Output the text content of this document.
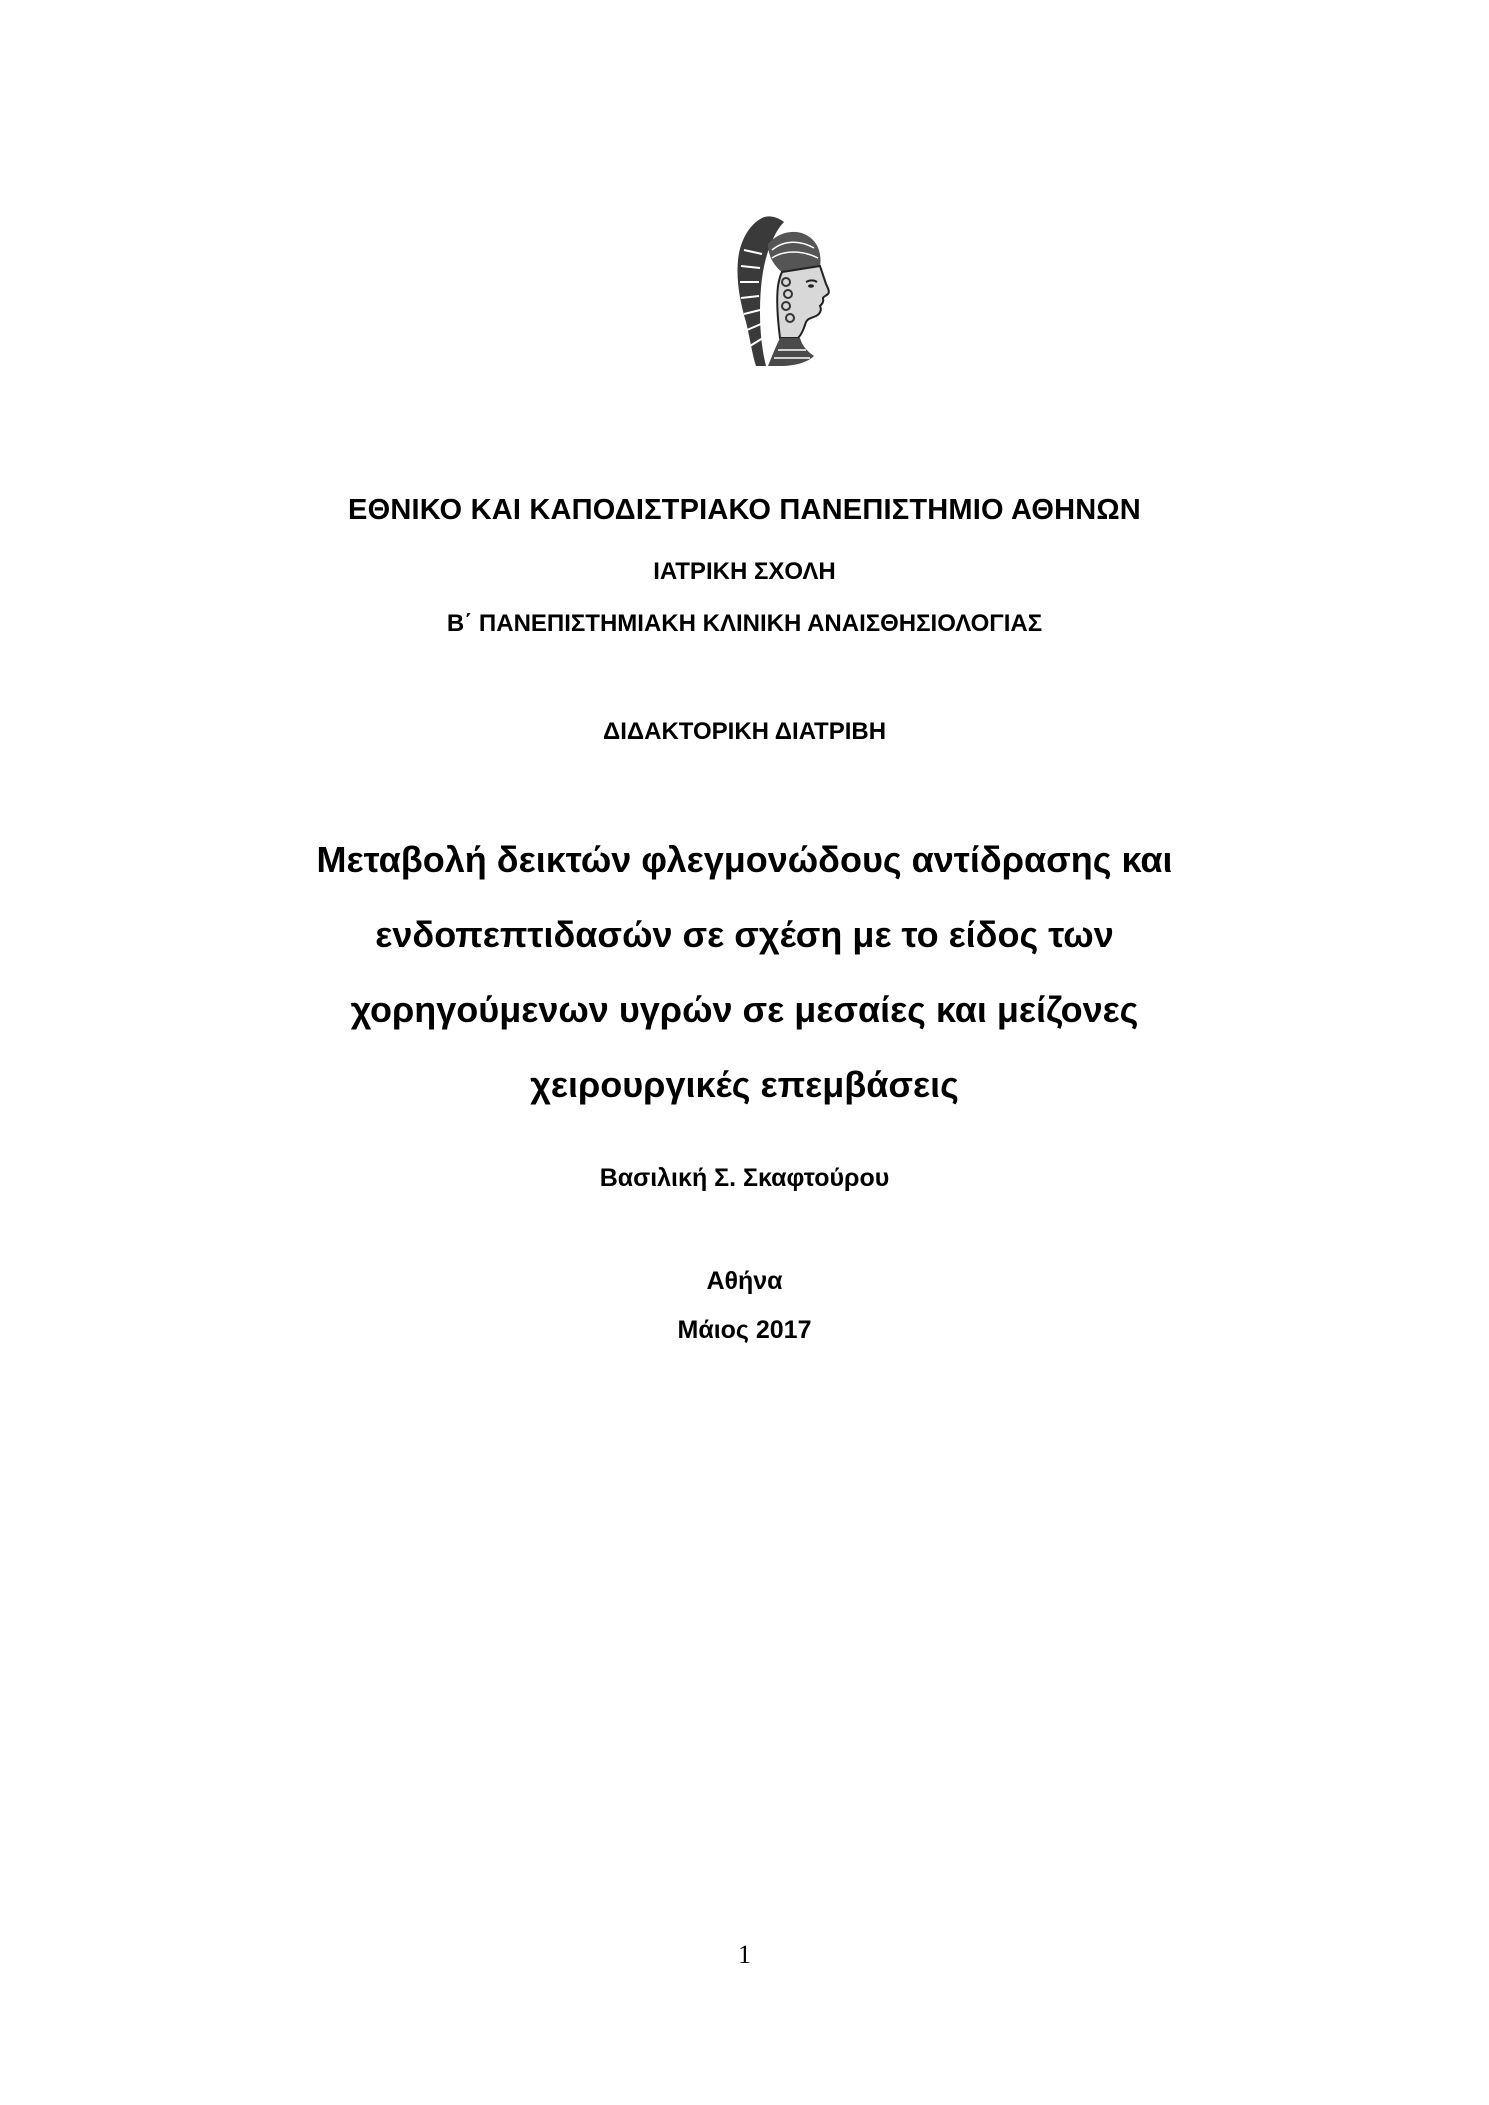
ΕΘΝΙΚΟ ΚΑΙ ΚΑΠΟΔΙΣΤΡΙΑΚΟ ΠΑΝΕΠΙΣΤΗΜΙΟ ΑΘΗΝΩΝ
ΙΑΤΡΙΚΗ ΣΧΟΛΗ
Β΄ ΠΑΝΕΠΙΣΤΗΜΙΑΚΗ ΚΛΙΝΙΚΗ ΑΝΑΙΣΘΗΣΙΟΛΟΓΙΑΣ
ΔΙΔΑΚΤΟΡΙΚΗ ΔΙΑΤΡΙΒΗ
Μεταβολή δεικτών φλεγμονώδους αντίδρασης και
ενδοπεπτιδασών σε σχέση με το είδος των
χορηγούμενων υγρών σε μεσαίες και μείζονες
χειρουργικές επεμβάσεις
Βασιλική Σ. Σκαφτούρου
Αθήνα
Μάιος 2017
1
